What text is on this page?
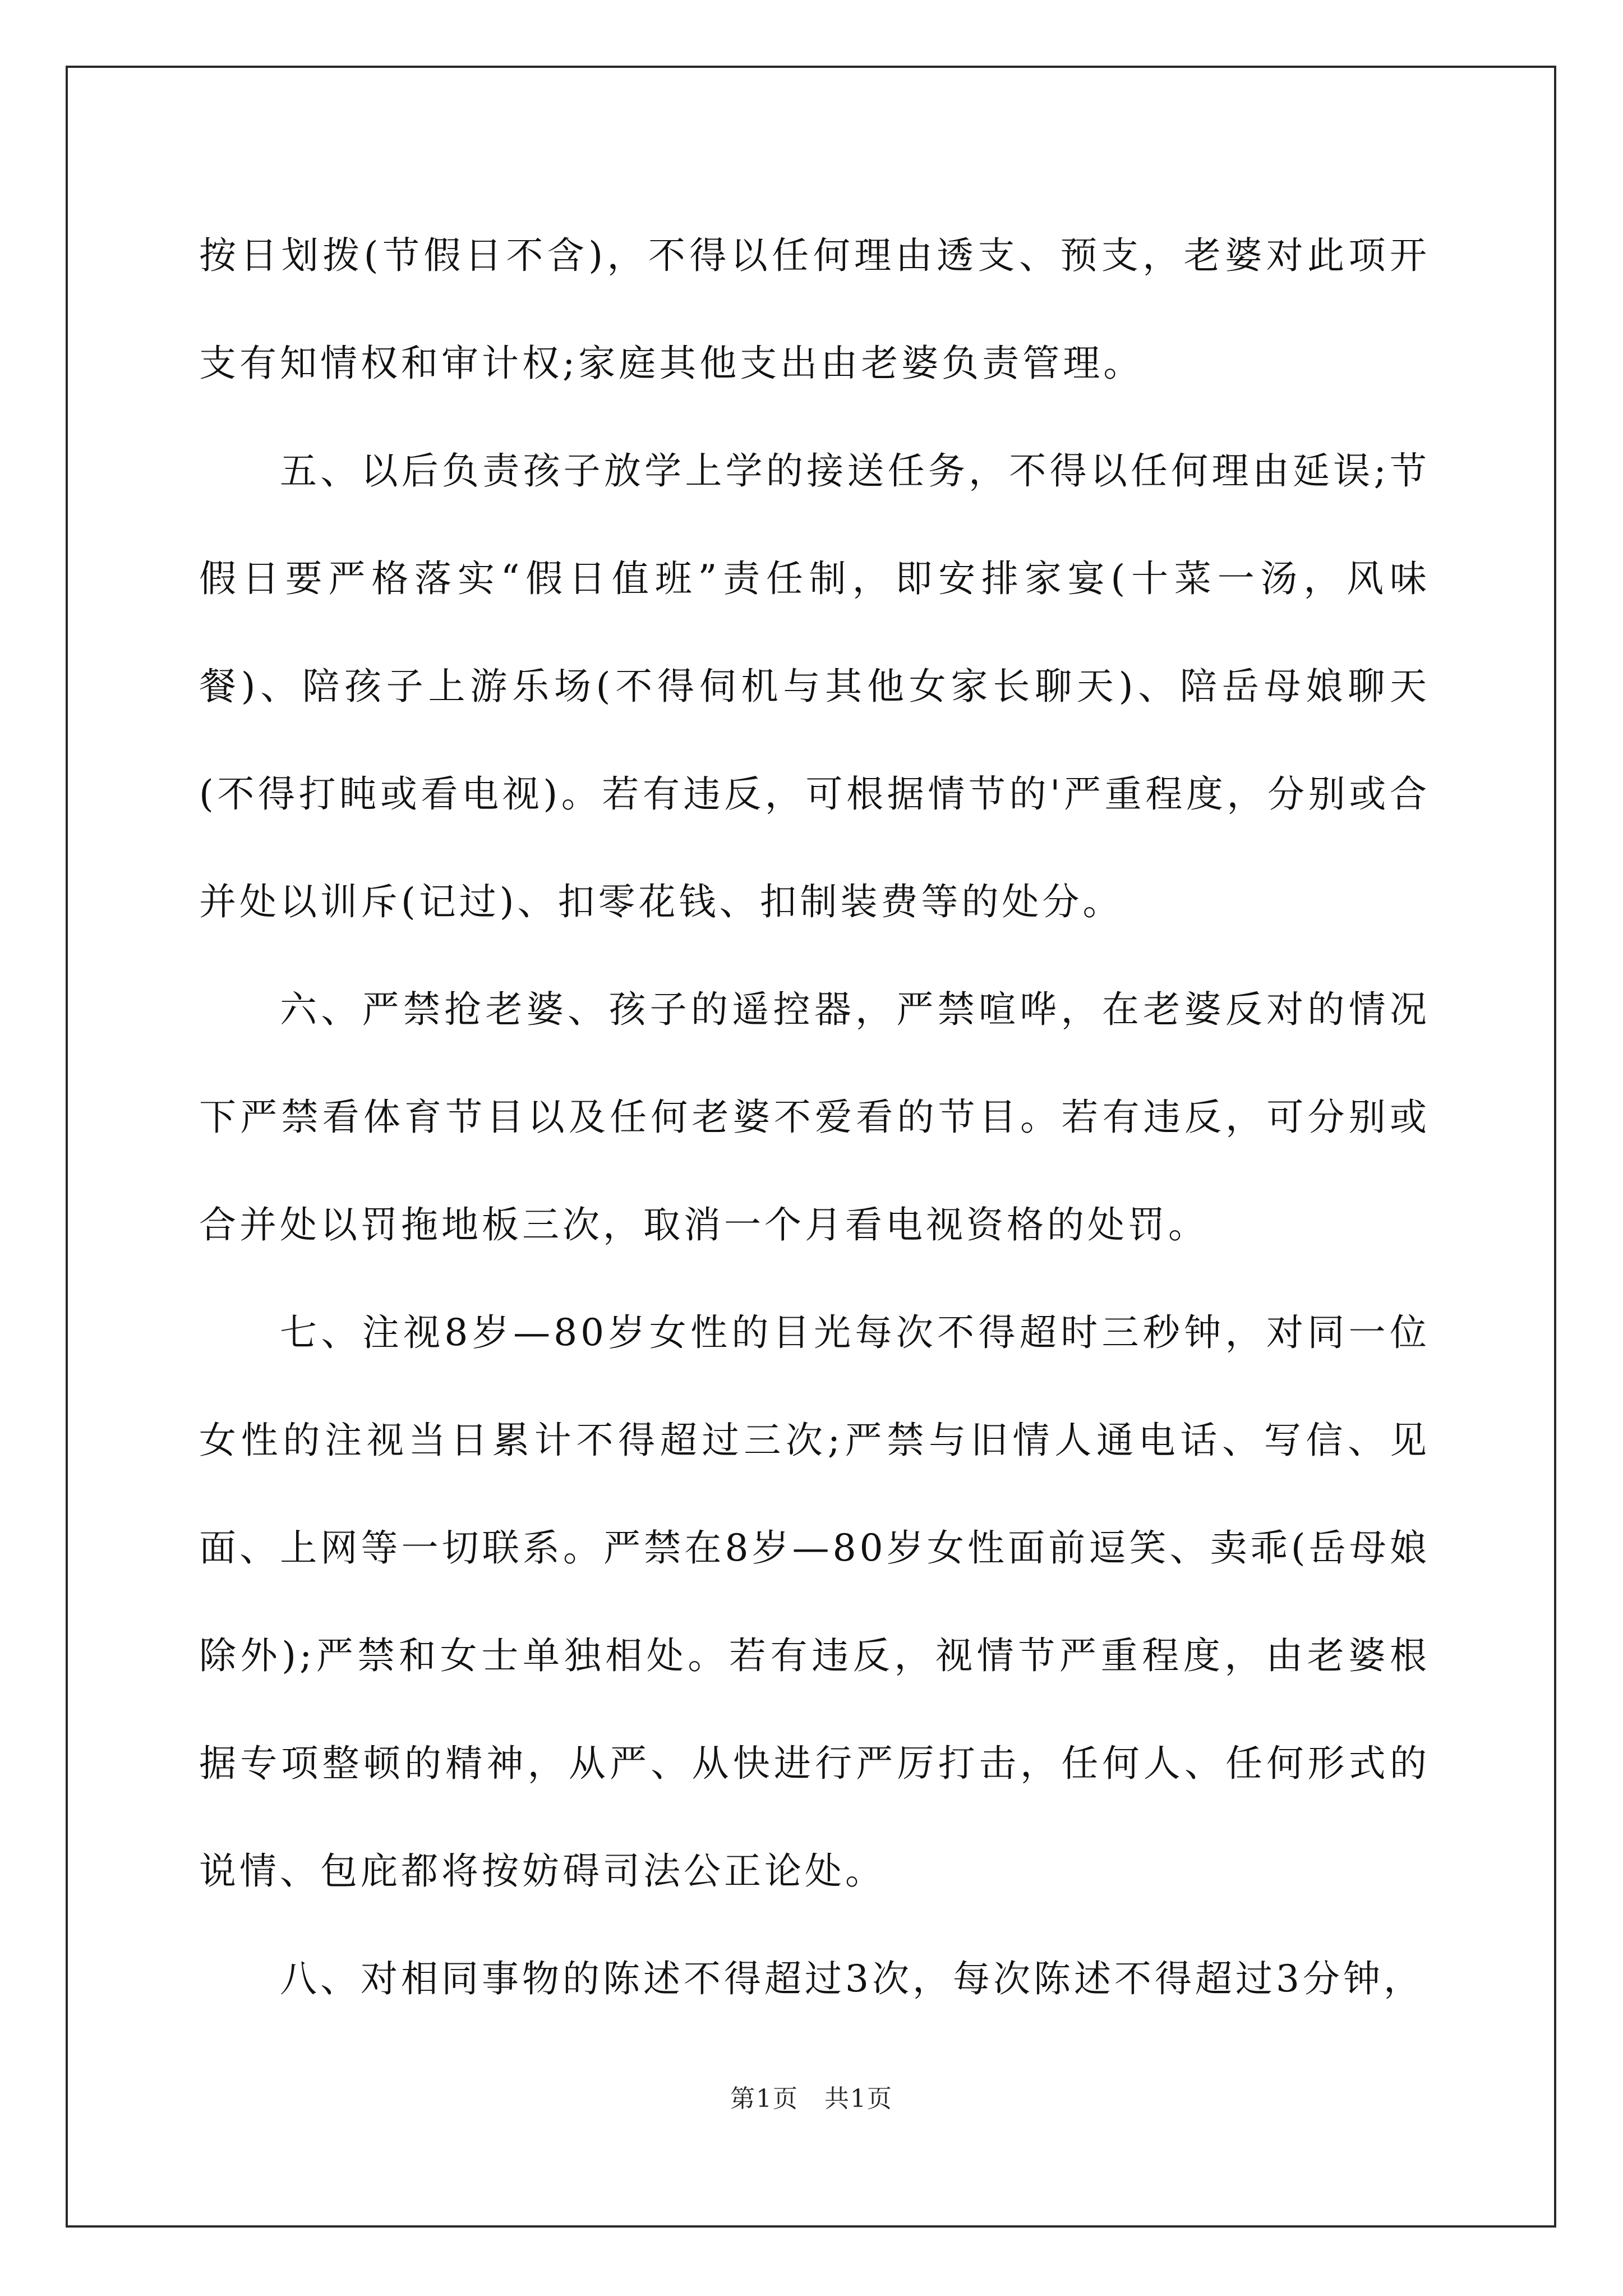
按日划拨(节假日不含)，不得以任何理由透支、预支，老婆对此项开支有知情权和审计权;家庭其他支出由老婆负责管理。

五、以后负责孩子放学上学的接送任务，不得以任何理由延误;节假日要严格落实“假日值班”责任制，即安排家宴(十菜一汤，风味餐)、陪孩子上游乐场(不得伺机与其他女家长聊天)、陪岳母娘聊天(不得打盹或看电视)。若有违反，可根据情节的'严重程度，分别或合并处以训斥(记过)、扣零花钱、扣制装费等的处分。

六、严禁抢老婆、孩子的遥控器，严禁喧哗，在老婆反对的情况下严禁看体育节目以及任何老婆不爱看的节目。若有违反，可分别或合并处以罚拖地板三次，取消一个月看电视资格的处罚。

七、注视8岁—80岁女性的目光每次不得超时三秒钟，对同一位女性的注视当日累计不得超过三次;严禁与旧情人通电话、写信、见面、上网等一切联系。严禁在8岁—80岁女性面前逗笑、卖乖(岳母娘除外);严禁和女士单独相处。若有违反，视情节严重程度，由老婆根据专项整顿的精神，从严、从快进行严厉打击，任何人、任何形式的说情、包庇都将按妨碍司法公正论处。

八、对相同事物的陈述不得超过3次，每次陈述不得超过3分钟，

第1页 共1页
